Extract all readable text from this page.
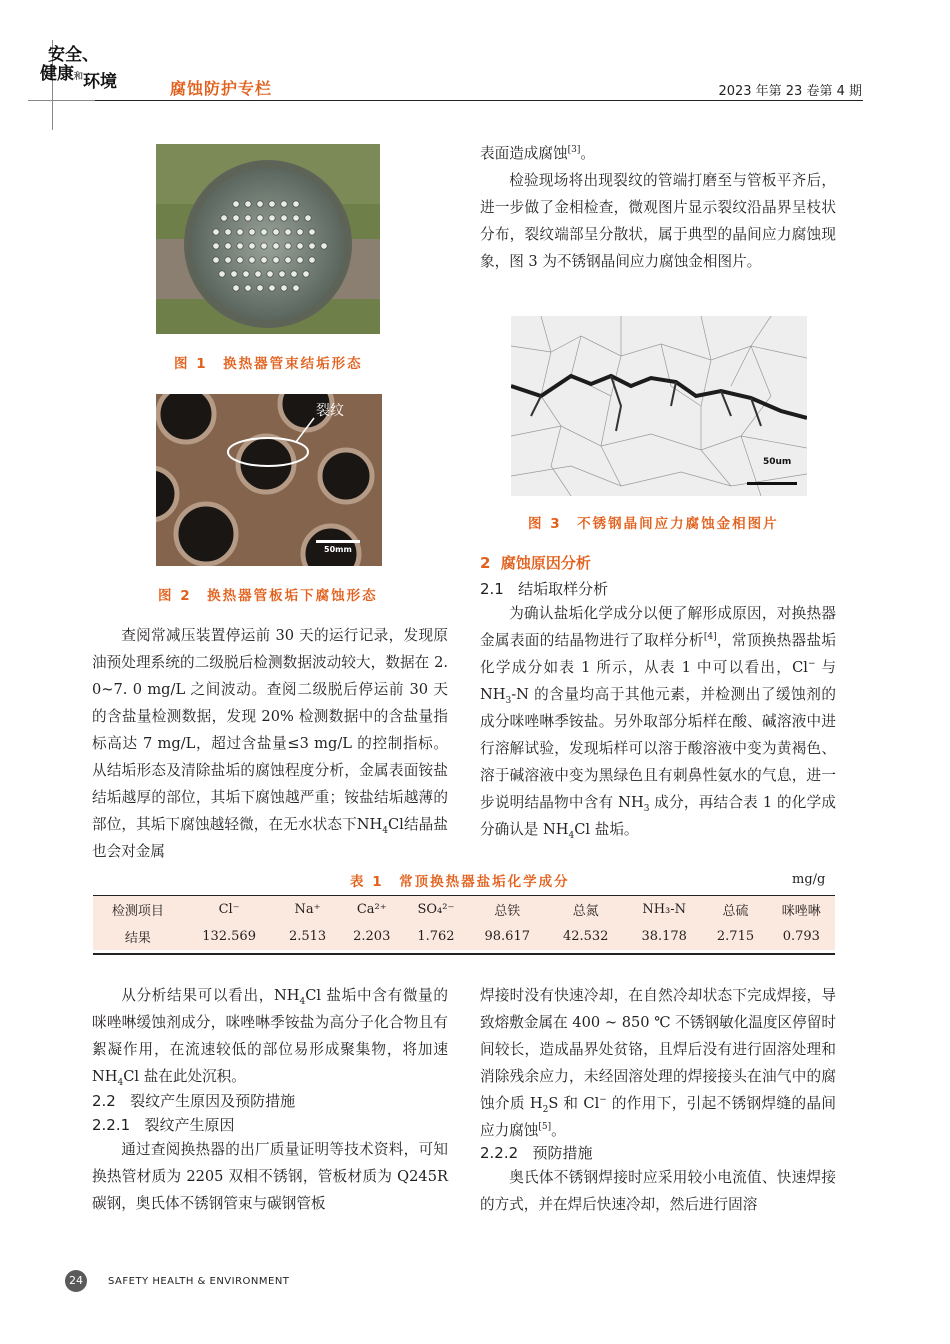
安全、
健康和环境	腐蚀防护专栏	2023 年第 23 卷第 4 期
图 1　换热器管束结垢形态
裂纹
50mm
图 2　换热器管板垢下腐蚀形态

查阅常减压装置停运前 30 天的运行记录，发现原油预处理系统的二级脱后检测数据波动较大，数据在 2. 0~7. 0 mg/L 之间波动。查阅二级脱后停运前 30 天的含盐量检测数据，发现 20% 检测数据中的含盐量指标高达 7 mg/L，超过含盐量≤3 mg/L 的控制指标。从结垢形态及清除盐垢的腐蚀程度分析，金属表面铵盐结垢越厚的部位，其垢下腐蚀越严重；铵盐结垢越薄的部位，其垢下腐蚀越轻微，在无水状态下$NH_4Cl$结晶盐也会对金属

表面造成腐蚀[3]。

检验现场将出现裂纹的管端打磨至与管板平齐后，进一步做了金相检查，微观图片显示裂纹沿晶界呈枝状分布，裂纹端部呈分散状，属于典型的晶间应力腐蚀现象，图 3 为不锈钢晶间应力腐蚀金相图片。

50um
图 3　不锈钢晶间应力腐蚀金相图片
2 腐蚀原因分析
2.1 结垢取样分析

为确认盐垢化学成分以便了解形成原因，对换热器金属表面的结晶物进行了取样分析[4]，常顶换热器盐垢化学成分如表 1 所示，从表 1 中可以看出，Cl− 与 $NH_3-N$ 的含量均高于其他元素，并检测出了缓蚀剂的成分咪唑啉季铵盐。另外取部分垢样在酸、碱溶液中进行溶解试验，发现垢样可以溶于酸溶液中变为黄褐色、溶于碱溶液中变为黑绿色且有刺鼻性氨水的气息，进一步说明结晶物中含有 $NH_3$ 成分，再结合表 1 的化学成分确认是 $NH_4Cl$ 盐垢。

表 1　常顶换热器盐垢化学成分	mg/g
检测项目	Cl⁻	Na⁺	Ca²⁺	SO₄²⁻	总铁	总氮	NH₃-N	总硫	咪唑啉
结果	132.569	2.513	2.203	1.762	98.617	42.532	38.178	2.715	0.793

从分析结果可以看出，$NH_4Cl$ 盐垢中含有微量的咪唑啉缓蚀剂成分，咪唑啉季铵盐为高分子化合物且有絮凝作用，在流速较低的部位易形成聚集物，将加速 $NH_4Cl$ 盐在此处沉积。

2.2 裂纹产生原因及预防措施
2.2.1 裂纹产生原因

通过查阅换热器的出厂质量证明等技术资料，可知换热管材质为 2205 双相不锈钢，管板材质为 Q245R 碳钢，奥氏体不锈钢管束与碳钢管板

焊接时没有快速冷却，在自然冷却状态下完成焊接，导致熔敷金属在 400 ~ 850 ℃ 不锈钢敏化温度区停留时间较长，造成晶界处贫铬，且焊后没有进行固溶处理和消除残余应力，未经固溶处理的焊接接头在油气中的腐蚀介质 $H_2S$ 和 Cl− 的作用下，引起不锈钢焊缝的晶间应力腐蚀[5]。

2.2.2 预防措施

奥氏体不锈钢焊接时应采用较小电流值、快速焊接的方式，并在焊后快速冷却，然后进行固溶

24	SAFETY HEALTH & ENVIRONMENT
